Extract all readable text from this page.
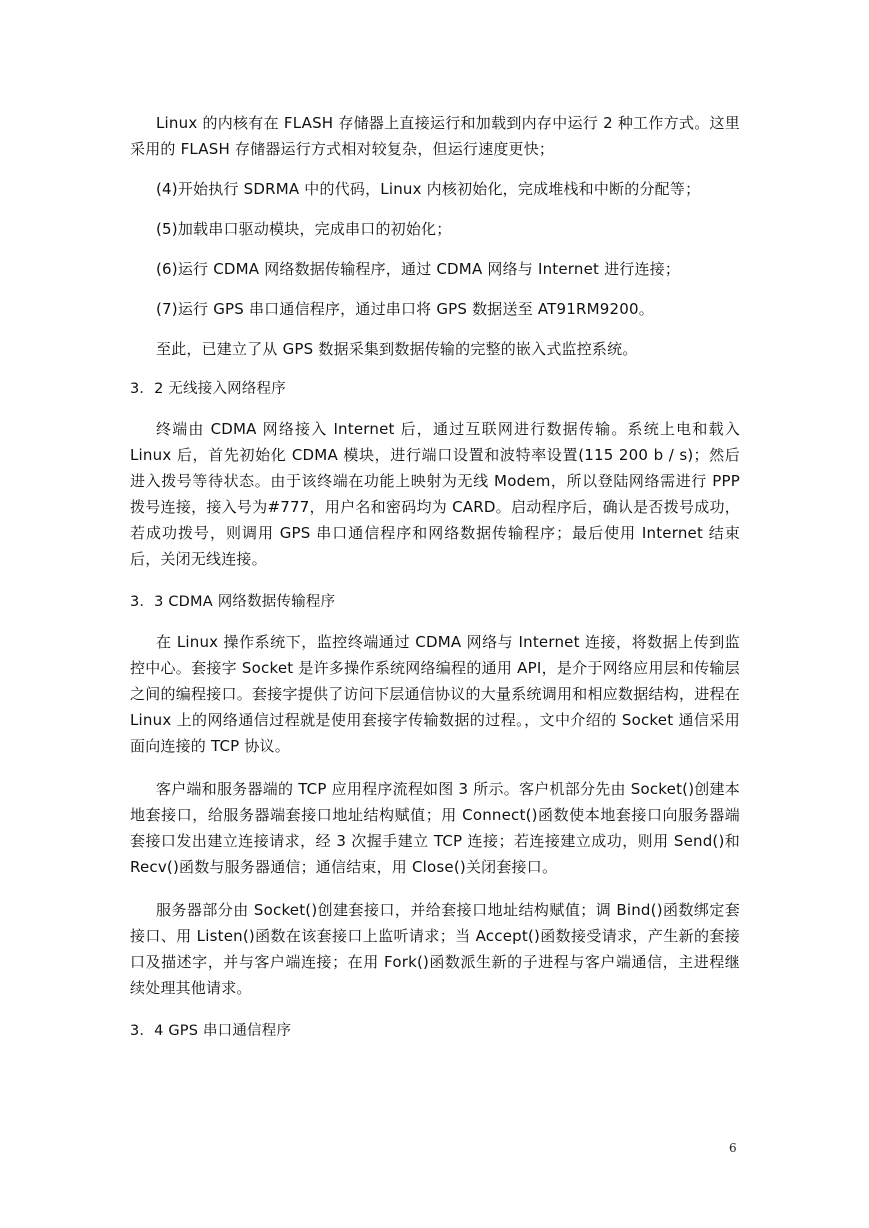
Linux 的内核有在 FLASH 存储器上直接运行和加载到内存中运行 2 种工作方式。这里采用的 FLASH 存储器运行方式相对较复杂，但运行速度更快；

(4)开始执行 SDRMA 中的代码，Linux 内核初始化，完成堆栈和中断的分配等；

(5)加载串口驱动模块，完成串口的初始化；

(6)运行 CDMA 网络数据传输程序，通过 CDMA 网络与 Internet 进行连接；

(7)运行 GPS 串口通信程序，通过串口将 GPS 数据送至 AT91RM9200。

至此，已建立了从 GPS 数据采集到数据传输的完整的嵌入式监控系统。

3．2 无线接入网络程序

终端由 CDMA 网络接入 Internet 后，通过互联网进行数据传输。系统上电和载入 Linux 后，首先初始化 CDMA 模块，进行端口设置和波特率设置(115 200 b / s)；然后进入拨号等待状态。由于该终端在功能上映射为无线 Modem，所以登陆网络需进行 PPP 拨号连接，接入号为#777，用户名和密码均为 CARD。启动程序后，确认是否拨号成功，若成功拨号，则调用 GPS 串口通信程序和网络数据传输程序；最后使用 Internet 结束后，关闭无线连接。

3．3 CDMA 网络数据传输程序

在 Linux 操作系统下，监控终端通过 CDMA 网络与 Internet 连接，将数据上传到监控中心。套接字 Socket 是许多操作系统网络编程的通用 API，是介于网络应用层和传输层之间的编程接口。套接字提供了访问下层通信协议的大量系统调用和相应数据结构，进程在 Linux 上的网络通信过程就是使用套接字传输数据的过程。，文中介绍的 Socket 通信采用面向连接的 TCP 协议。

客户端和服务器端的 TCP 应用程序流程如图 3 所示。客户机部分先由 Socket()创建本地套接口，给服务器端套接口地址结构赋值；用 Connect()函数使本地套接口向服务器端套接口发出建立连接请求，经 3 次握手建立 TCP 连接；若连接建立成功，则用 Send()和 Recv()函数与服务器通信；通信结束，用 Close()关闭套接口。

服务器部分由 Socket()创建套接口，并给套接口地址结构赋值；调 Bind()函数绑定套接口、用 Listen()函数在该套接口上监听请求；当 Accept()函数接受请求，产生新的套接口及描述字，并与客户端连接；在用 Fork()函数派生新的子进程与客户端通信，主进程继续处理其他请求。

3．4 GPS 串口通信程序

6
